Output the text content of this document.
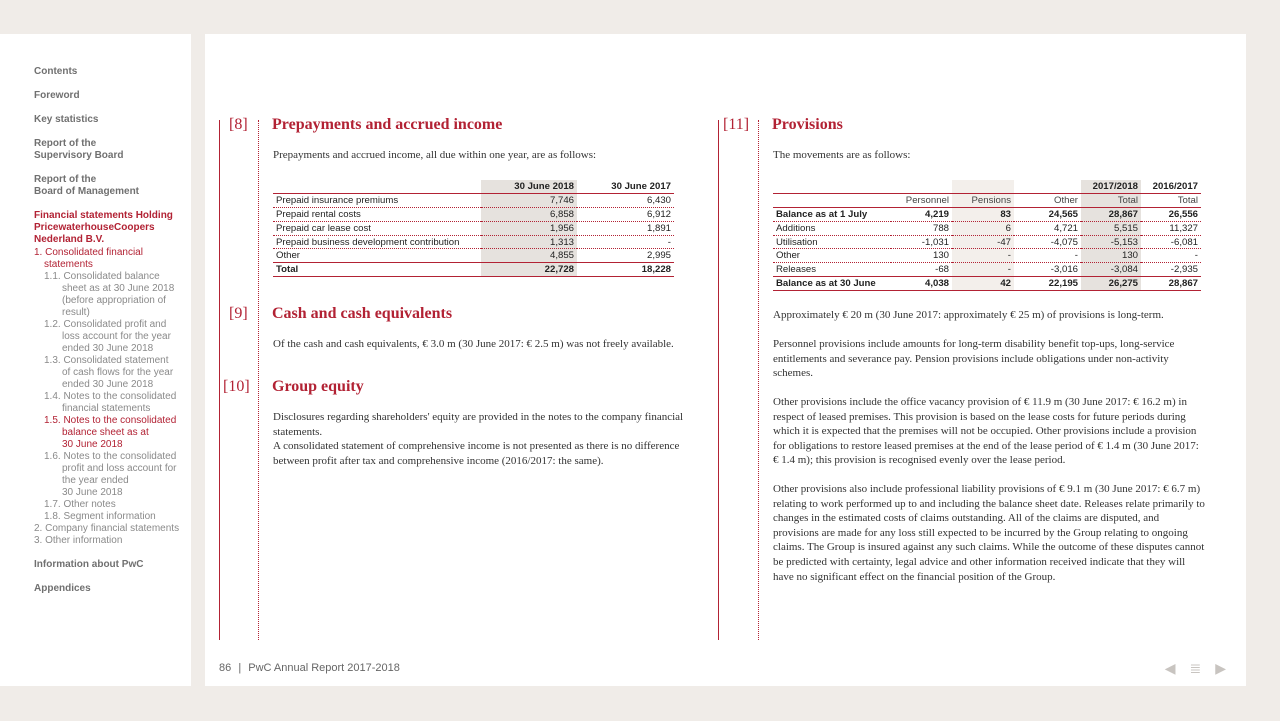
Contents
Foreword
Key statistics
Report of the
Supervisory Board
Report of the
Board of Management
Financial statements Holding
PricewaterhouseCoopers
Nederland B.V.
1. Consolidated financial
statements
1.1. Consolidated balance
sheet as at 30 June 2018
(before appropriation of
result)
1.2. Consolidated profit and
loss account for the year
ended 30 June 2018
1.3. Consolidated statement
of cash flows for the year
ended 30 June 2018
1.4. Notes to the consolidated
financial statements
1.5. Notes to the consolidated
balance sheet as at
30 June 2018
1.6. Notes to the consolidated
profit and loss account for
the year ended
30 June 2018
1.7. Other notes
1.8. Segment information
2. Company financial statements
3. Other information
Information about PwC
Appendices
[8] Prepayments and accrued income
Prepayments and accrued income, all due within one year, are as follows:
	30 June 2018	30 June 2017
Prepaid insurance premiums	7,746	6,430
Prepaid rental costs	6,858	6,912
Prepaid car lease cost	1,956	1,891
Prepaid business development contribution	1,313	-
Other	4,855	2,995
Total	22,728	18,228
[9] Cash and cash equivalents
Of the cash and cash equivalents, € 3.0 m (30 June 2017: € 2.5 m) was not freely available.
[10] Group equity
Disclosures regarding shareholders' equity are provided in the notes to the company financial statements.
A consolidated statement of comprehensive income is not presented as there is no difference between profit after tax and comprehensive income (2016/2017: the same).
[11] Provisions
The movements are as follows:
				2017/2018	2016/2017
	Personnel	Pensions	Other	Total	Total
Balance as at 1 July	4,219	83	24,565	28,867	26,556
Additions	788	6	4,721	5,515	11,327
Utilisation	-1,031	-47	-4,075	-5,153	-6,081
Other	130	-	-	130	-
Releases	-68	-	-3,016	-3,084	-2,935
Balance as at 30 June	4,038	42	22,195	26,275	28,867
Approximately € 20 m (30 June 2017: approximately € 25 m) of provisions is long-term.
Personnel provisions include amounts for long-term disability benefit top-ups, long-service entitlements and severance pay. Pension provisions include obligations under non-activity schemes.
Other provisions include the office vacancy provision of € 11.9 m (30 June 2017: € 16.2 m) in respect of leased premises. This provision is based on the lease costs for future periods during which it is expected that the premises will not be occupied. Other provisions include a provision for obligations to restore leased premises at the end of the lease period of € 1.4 m (30 June 2017: € 1.4 m); this provision is recognised evenly over the lease period.
Other provisions also include professional liability provisions of € 9.1 m (30 June 2017: € 6.7 m) relating to work performed up to and including the balance sheet date. Releases relate primarily to changes in the estimated costs of claims outstanding. All of the claims are disputed, and provisions are made for any loss still expected to be incurred by the Group relating to ongoing claims. The Group is insured against any such claims. While the outcome of these disputes cannot be predicted with certainty, legal advice and other information received indicate that they will have no significant effect on the financial position of the Group.
86 | PwC Annual Report 2017-2018	◀ ≣ ▶
